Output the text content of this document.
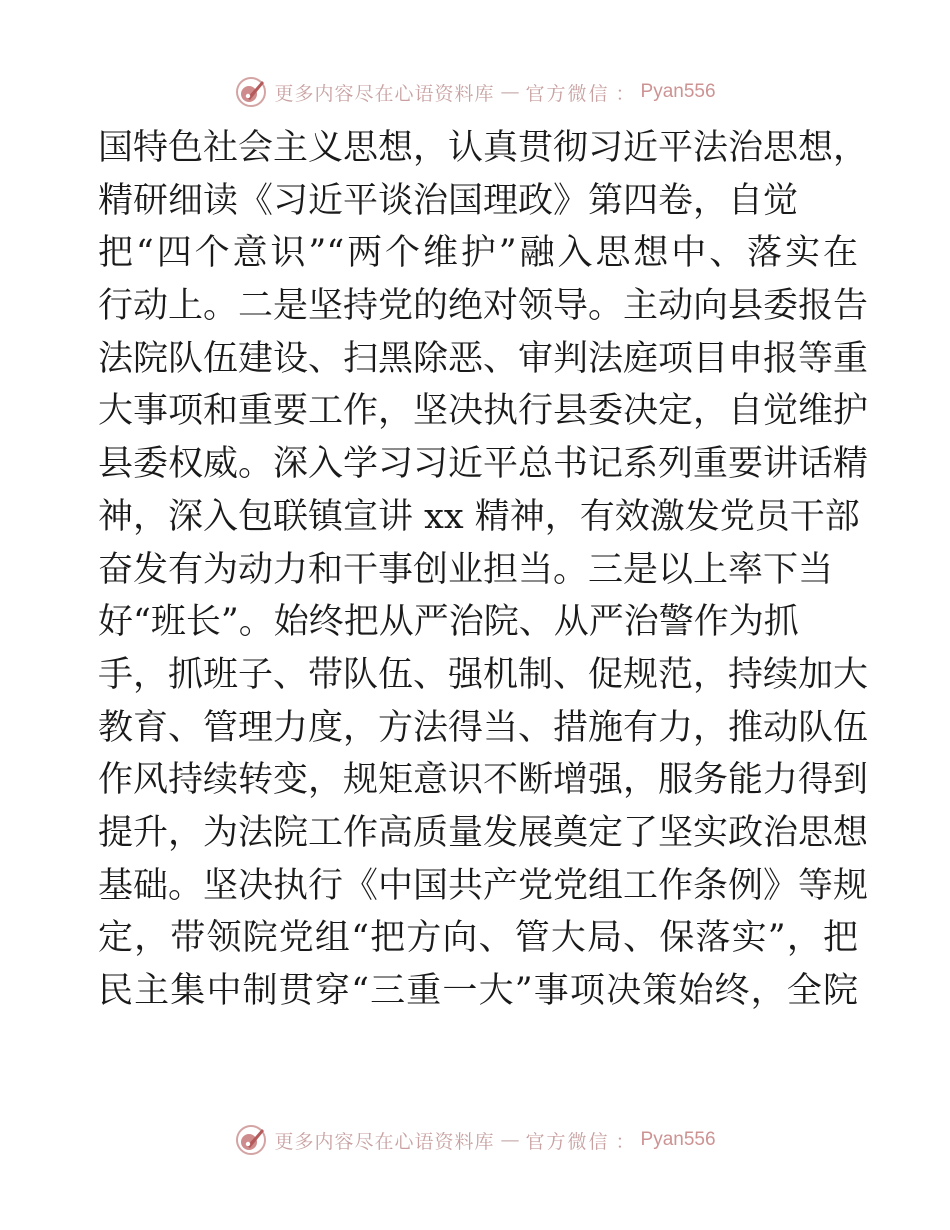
更多内容尽在心语资料库 — 官方微信 ： Pyan556
国特色社会主义思想，认真贯彻习近平法治思想，
精研细读《习近平谈治国理政》第四卷，自觉
把“四个意识”“两个维护”融入思想中、落实在
行动上。二是坚持党的绝对领导。主动向县委报告
法院队伍建设、扫黑除恶、审判法庭项目申报等重
大事项和重要工作，坚决执行县委决定，自觉维护
县委权威。深入学习习近平总书记系列重要讲话精
神，深入包联镇宣讲 xx 精神，有效激发党员干部
奋发有为动力和干事创业担当。三是以上率下当
好“班长”。始终把从严治院、从严治警作为抓
手，抓班子、带队伍、强机制、促规范，持续加大
教育、管理力度，方法得当、措施有力，推动队伍
作风持续转变，规矩意识不断增强，服务能力得到
提升，为法院工作高质量发展奠定了坚实政治思想
基础。坚决执行《中国共产党党组工作条例》等规
定，带领院党组“把方向、管大局、保落实”，把
民主集中制贯穿“三重一大”事项决策始终，全院
更多内容尽在心语资料库 — 官方微信 ： Pyan556
